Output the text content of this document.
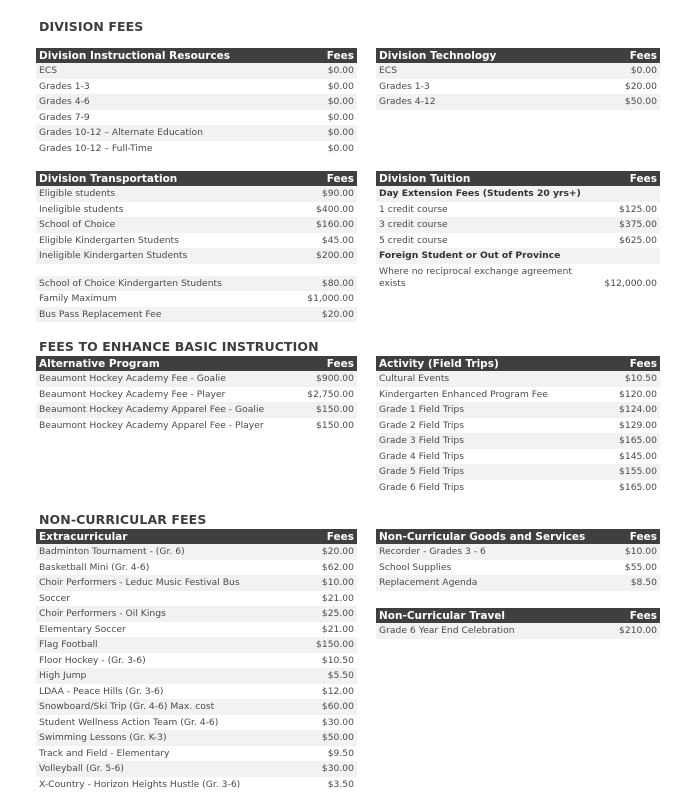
DIVISION FEES
Division Instructional Resources	Fees
ECS	$0.00
Grades 1-3	$0.00
Grades 4-6	$0.00
Grades 7-9	$0.00
Grades 10-12 – Alternate Education	$0.00
Grades 10-12 – Full-Time	$0.00
Division Technology	Fees
ECS	$0.00
Grades 1-3	$20.00
Grades 4-12	$50.00
Division Transportation	Fees
Eligible students	$90.00
Ineligible students	$400.00
School of Choice	$160.00
Eligible Kindergarten Students	$45.00
Ineligible Kindergarten Students	$200.00
School of Choice Kindergarten Students	$80.00
Family Maximum	$1,000.00
Bus Pass Replacement Fee	$20.00
Division Tuition	Fees
Day Extension Fees (Students 20 yrs+)
1 credit course	$125.00
3 credit course	$375.00
5 credit course	$625.00
Foreign Student or Out of Province
Where no reciprocal exchange agreement exists	$12,000.00
FEES TO ENHANCE BASIC INSTRUCTION
Alternative Program	Fees
Beaumont Hockey Academy Fee - Goalie	$900.00
Beaumont Hockey Academy Fee - Player	$2,750.00
Beaumont Hockey Academy Apparel Fee - Goalie	$150.00
Beaumont Hockey Academy Apparel Fee - Player	$150.00
Activity (Field Trips)	Fees
Cultural Events	$10.50
Kindergarten Enhanced Program Fee	$120.00
Grade 1 Field Trips	$124.00
Grade 2 Field Trips	$129.00
Grade 3 Field Trips	$165.00
Grade 4 Field Trips	$145.00
Grade 5 Field Trips	$155.00
Grade 6 Field Trips	$165.00
NON-CURRICULAR FEES
Extracurricular	Fees
Badminton Tournament - (Gr. 6)	$20.00
Basketball Mini (Gr. 4-6)	$62.00
Choir Performers - Leduc Music Festival Bus	$10.00
Soccer	$21.00
Choir Performers - Oil Kings	$25.00
Elementary Soccer	$21.00
Flag Football	$150.00
Floor Hockey - (Gr. 3-6)	$10.50
High Jump	$5.50
LDAA - Peace Hills (Gr. 3-6)	$12.00
Snowboard/Ski Trip (Gr. 4-6) Max. cost	$60.00
Student Wellness Action Team (Gr. 4-6)	$30.00
Swimming Lessons (Gr. K-3)	$50.00
Track and Field - Elementary	$9.50
Volleyball (Gr. 5-6)	$30.00
X-Country - Horizon Heights Hustle (Gr. 3-6)	$3.50
Non-Curricular Goods and Services	Fees
Recorder - Grades 3 - 6	$10.00
School Supplies	$55.00
Replacement Agenda	$8.50
Non-Curricular Travel	Fees
Grade 6 Year End Celebration	$210.00
